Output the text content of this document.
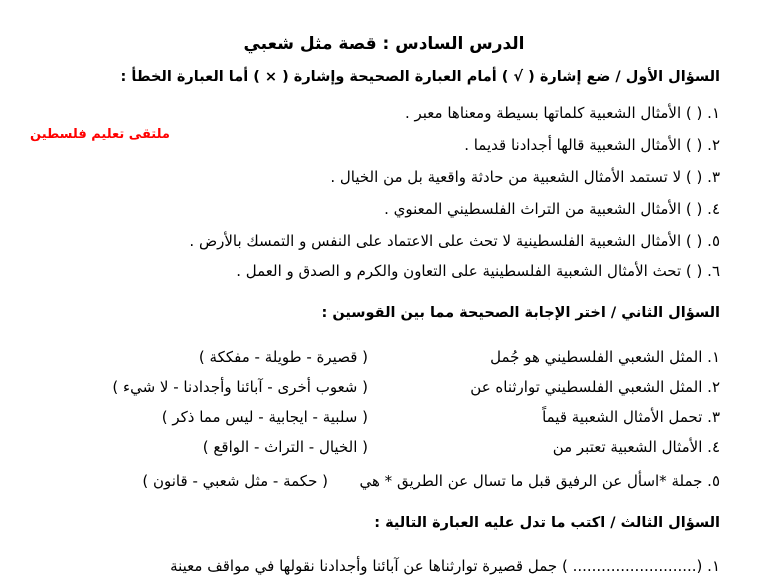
الدرس السادس : قصة مثل شعبي
ملتقى تعليم فلسطين
السؤال الأول / ضع إشارة ( √ ) أمام العبارة الصحيحة وإشارة ( × ) أما العبارة الخطأ :
١. ( ) الأمثال الشعبية كلماتها بسيطة ومعناها معبر .
٢. ( ) الأمثال الشعبية قالها أجدادنا قديما .
٣. ( ) لا تستمد الأمثال الشعبية من حادثة واقعية بل من الخيال .
٤. ( ) الأمثال الشعبية من التراث الفلسطيني المعنوي .
٥. ( ) الأمثال الشعبية الفلسطينية لا تحث على الاعتماد على النفس و التمسك بالأرض .
٦. ( ) تحث الأمثال الشعبية الفلسطينية على التعاون والكرم و الصدق و العمل .
السؤال الثاني / اختر الإجابة الصحيحة مما بين القوسين :
١. المثل الشعبي الفلسطيني هو جُمل
( قصيرة - طويلة - مفككة )
٢. المثل الشعبي الفلسطيني توارثناه عن
( شعوب أخرى - آبائنا وأجدادنا - لا شيء )
٣. تحمل الأمثال الشعبية قيماً
( سلبية - ايجابية - ليس مما ذكر )
٤. الأمثال الشعبية تعتبر من
( الخيال - التراث - الواقع )
٥. جملة *اسأل عن الرفيق قبل ما تسال عن الطريق * هي
( حكمة - مثل شعبي - قانون )
السؤال الثالث / اكتب ما تدل عليه العبارة التالية :
١. (.......................... ) جمل قصيرة توارثناها عن آبائنا وأجدادنا نقولها في مواقف معينة
